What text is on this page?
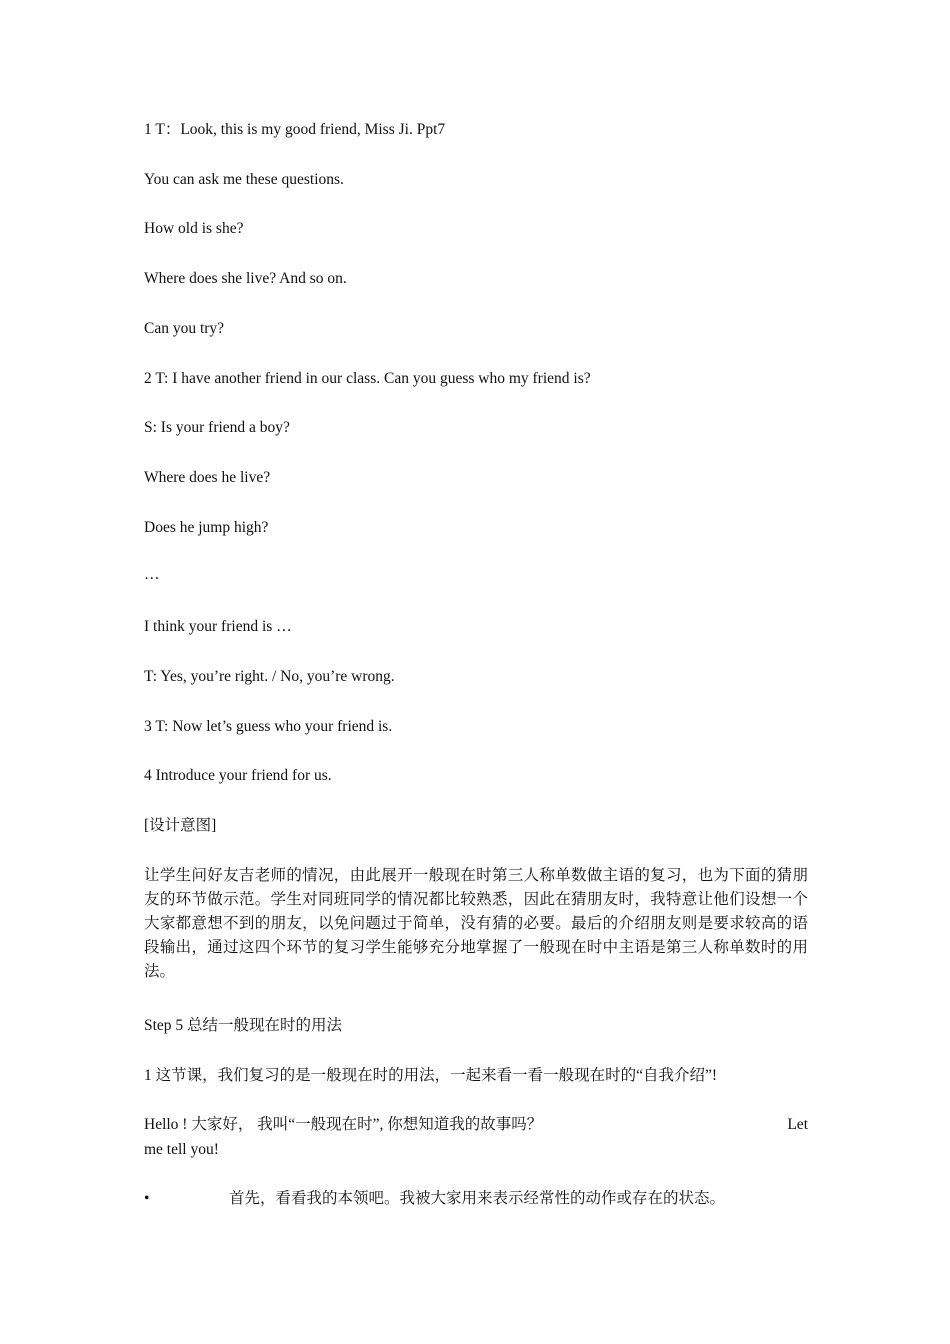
1 T：Look, this is my good friend, Miss Ji. Ppt7
You can ask me these questions.
How old is she?
Where does she live? And so on.
Can you try?
2 T: I have another friend in our class. Can you guess who my friend is?
S: Is your friend a boy?
Where does he live?
Does he jump high?
…
I think your friend is …
T: Yes, you’re right. / No, you’re wrong.
3 T: Now let’s guess who your friend is.
4 Introduce your friend for us.
[设计意图]
让学生问好友吉老师的情况，由此展开一般现在时第三人称单数做主语的复习，也为下面的猜朋友的环节做示范。学生对同班同学的情况都比较熟悉，因此在猜朋友时，我特意让他们设想一个大家都意想不到的朋友，以免问题过于简单，没有猜的必要。最后的介绍朋友则是要求较高的语段输出，通过这四个环节的复习学生能够充分地掌握了一般现在时中主语是第三人称单数时的用法。
Step 5 总结一般现在时的用法
1 这节课，我们复习的是一般现在时的用法，一起来看一看一般现在时的“自我介绍”!
Hello ! 大家好， 我叫“一般现在时”, 你想知道我的故事吗？	Let
me tell you!
•	首先，看看我的本领吧。我被大家用来表示经常性的动作或存在的状态。
